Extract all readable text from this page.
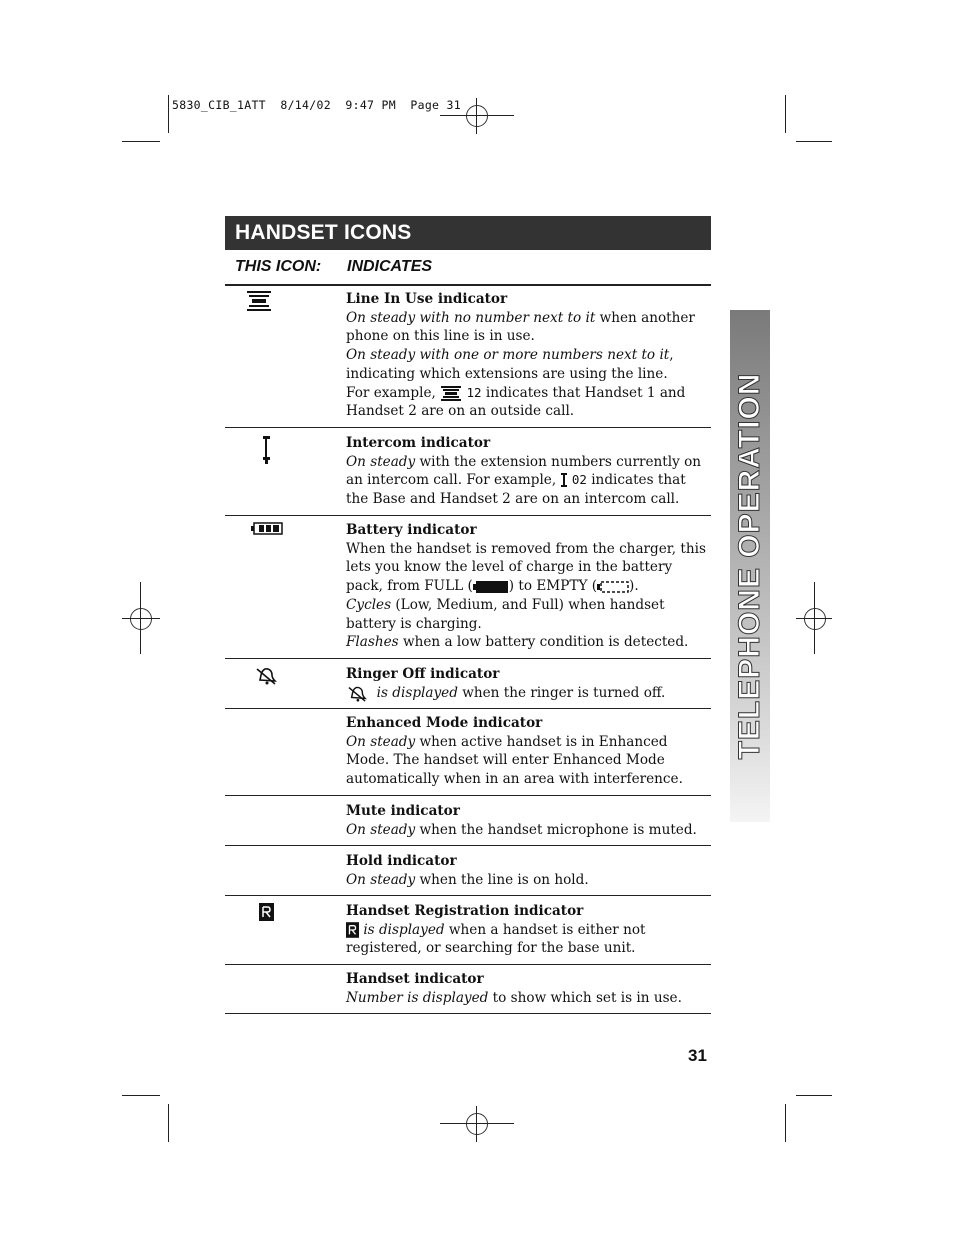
5830_CIB_1ATT  8/14/02  9:47 PM  Page 31
HANDSET ICONS
THIS ICON: INDICATES
Line In Use indicator
On steady with no number next to it when another phone on this line is in use.
On steady with one or more numbers next to it, indicating which extensions are using the line.
For example,  12 indicates that Handset 1 and Handset 2 are on an outside call.
Intercom indicator
On steady with the extension numbers currently on an intercom call. For example,  02 indicates that the Base and Handset 2 are on an intercom call.
Battery indicator
When the handset is removed from the charger, this lets you know the level of charge in the battery pack, from FULL (	) to EMPTY ( ).
Cycles (Low, Medium, and Full) when handset battery is charging.
Flashes when a low battery condition is detected.
Ringer Off indicator
is displayed when the ringer is turned off.
Enhanced Mode indicator
On steady when active handset is in Enhanced Mode. The handset will enter Enhanced Mode automatically when in an area with interference.
Mute indicator
On steady when the handset microphone is muted.
Hold indicator
On steady when the line is on hold.
Handset Registration indicator
is displayed when a handset is either not registered, or searching for the base unit.
Handset indicator
Number is displayed to show which set is in use.
TELEPHONE OPERATION
31
